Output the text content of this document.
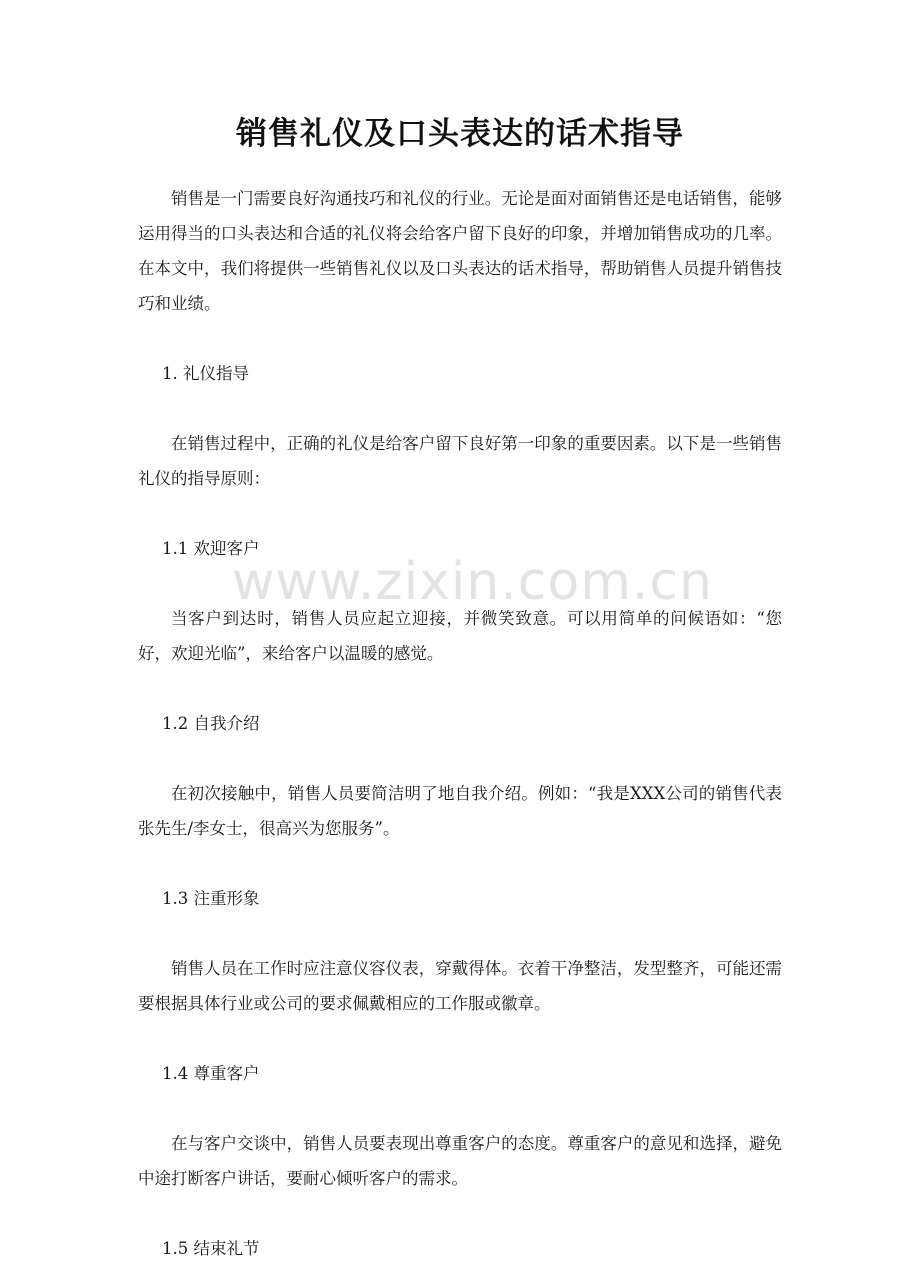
销售礼仪及口头表达的话术指导
www.zixin.com.cn

销售是一门需要良好沟通技巧和礼仪的行业。无论是面对面销售还是电话销售，能够运用得当的口头表达和合适的礼仪将会给客户留下良好的印象，并增加销售成功的几率。在本文中，我们将提供一些销售礼仪以及口头表达的话术指导，帮助销售人员提升销售技巧和业绩。

1. 礼仪指导

在销售过程中，正确的礼仪是给客户留下良好第一印象的重要因素。以下是一些销售礼仪的指导原则：

1.1 欢迎客户

当客户到达时，销售人员应起立迎接，并微笑致意。可以用简单的问候语如：“您好，欢迎光临”，来给客户以温暖的感觉。

1.2 自我介绍

在初次接触中，销售人员要简洁明了地自我介绍。例如：“我是XXX公司的销售代表张先生/李女士，很高兴为您服务”。

1.3 注重形象

销售人员在工作时应注意仪容仪表，穿戴得体。衣着干净整洁，发型整齐，可能还需要根据具体行业或公司的要求佩戴相应的工作服或徽章。

1.4 尊重客户

在与客户交谈中，销售人员要表现出尊重客户的态度。尊重客户的意见和选择，避免中途打断客户讲话，要耐心倾听客户的需求。

1.5 结束礼节
